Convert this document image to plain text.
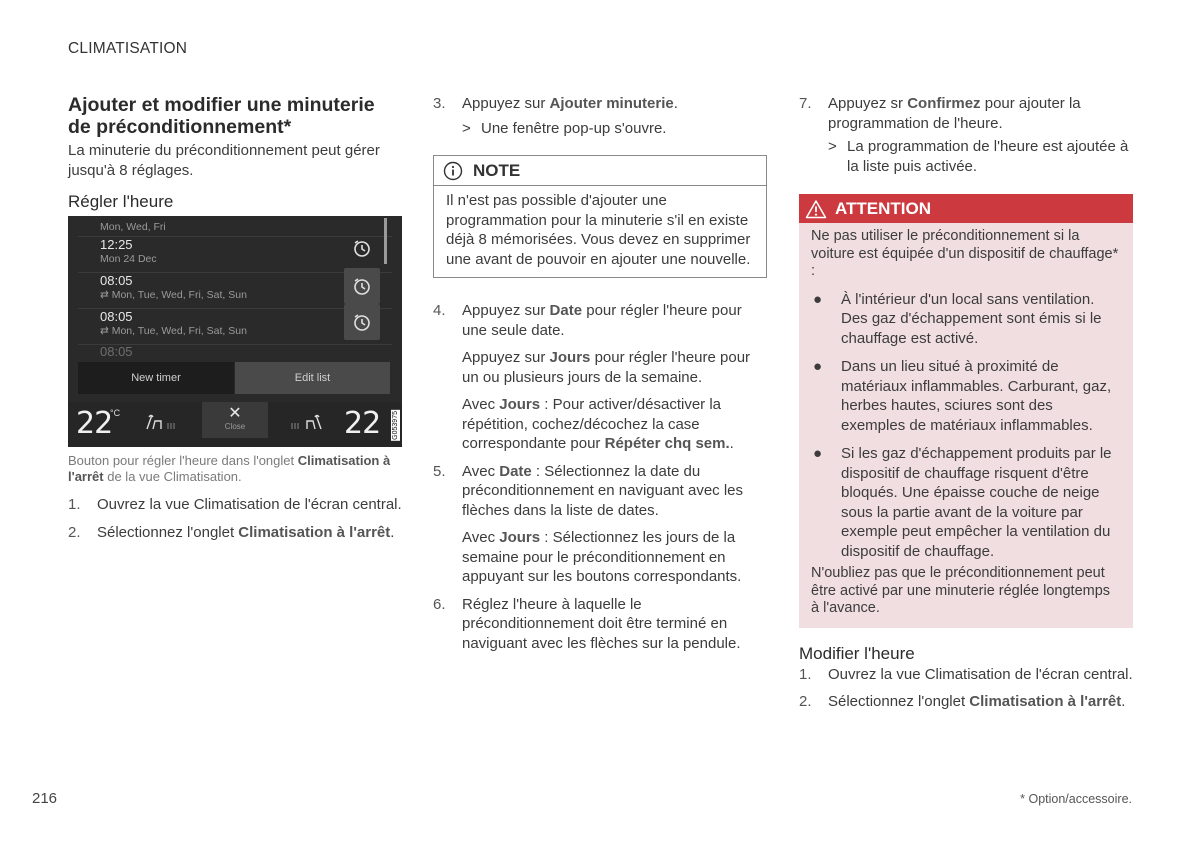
CLIMATISATION
Ajouter et modifier une minuterie de préconditionnement*

La minuterie du préconditionnement peut gérer jusqu'à 8 réglages.

Régler l'heure
Mon, Wed, Fri
12:25
Mon 24 Dec
08:05
⇄ Mon, Tue, Wed, Fri, Sat, Sun
08:05
⇄ Mon, Tue, Wed, Fri, Sat, Sun
08:05
New timer	Edit list
22
°C	✕
Close	22 G053975

Bouton pour régler l'heure dans l'onglet Climatisation à l'arrêt de la vue Climatisation.

1.	Ouvrez la vue Climatisation de l'écran central.
2.	Sélectionnez l'onglet Climatisation à l'arrêt.
3.	Appuyez sur Ajouter minuterie.
> Une fenêtre pop-up s'ouvre.
NOTE
Il n'est pas possible d'ajouter une programmation pour la minuterie s'il en existe déjà 8 mémorisées. Vous devez en supprimer une avant de pouvoir en ajouter une nouvelle.
4.	Appuyez sur Date pour régler l'heure pour une seule date.

Appuyez sur Jours pour régler l'heure pour un ou plusieurs jours de la semaine.

Avec Jours : Pour activer/désactiver la répétition, cochez/décochez la case correspondante pour Répéter chq sem..

5.	Avec Date : Sélectionnez la date du préconditionnement en naviguant avec les flèches dans la liste de dates.

Avec Jours : Sélectionnez les jours de la semaine pour le préconditionnement en appuyant sur les boutons correspondants.

6.	Réglez l'heure à laquelle le préconditionnement doit être terminé en naviguant avec les flèches sur la pendule.
7.	Appuyez sr Confirmez pour ajouter la programmation de l'heure.
> La programmation de l'heure est ajoutée à la liste puis activée.
ATTENTION

Ne pas utiliser le préconditionnement si la voiture est équipée d'un dispositif de chauffage* :

●	À l'intérieur d'un local sans ventilation. Des gaz d'échappement sont émis si le chauffage est activé.
●	Dans un lieu situé à proximité de matériaux inflammables. Carburant, gaz, herbes hautes, sciures sont des exemples de matériaux inflammables.
●	Si les gaz d'échappement produits par le dispositif de chauffage risquent d'être bloqués. Une épaisse couche de neige sous la partie avant de la voiture par exemple peut empêcher la ventilation du dispositif de chauffage.

N'oubliez pas que le préconditionnement peut être activé par une minuterie réglée longtemps à l'avance.

Modifier l'heure
1.	Ouvrez la vue Climatisation de l'écran central.
2.	Sélectionnez l'onglet Climatisation à l'arrêt.
216	* Option/accessoire.
